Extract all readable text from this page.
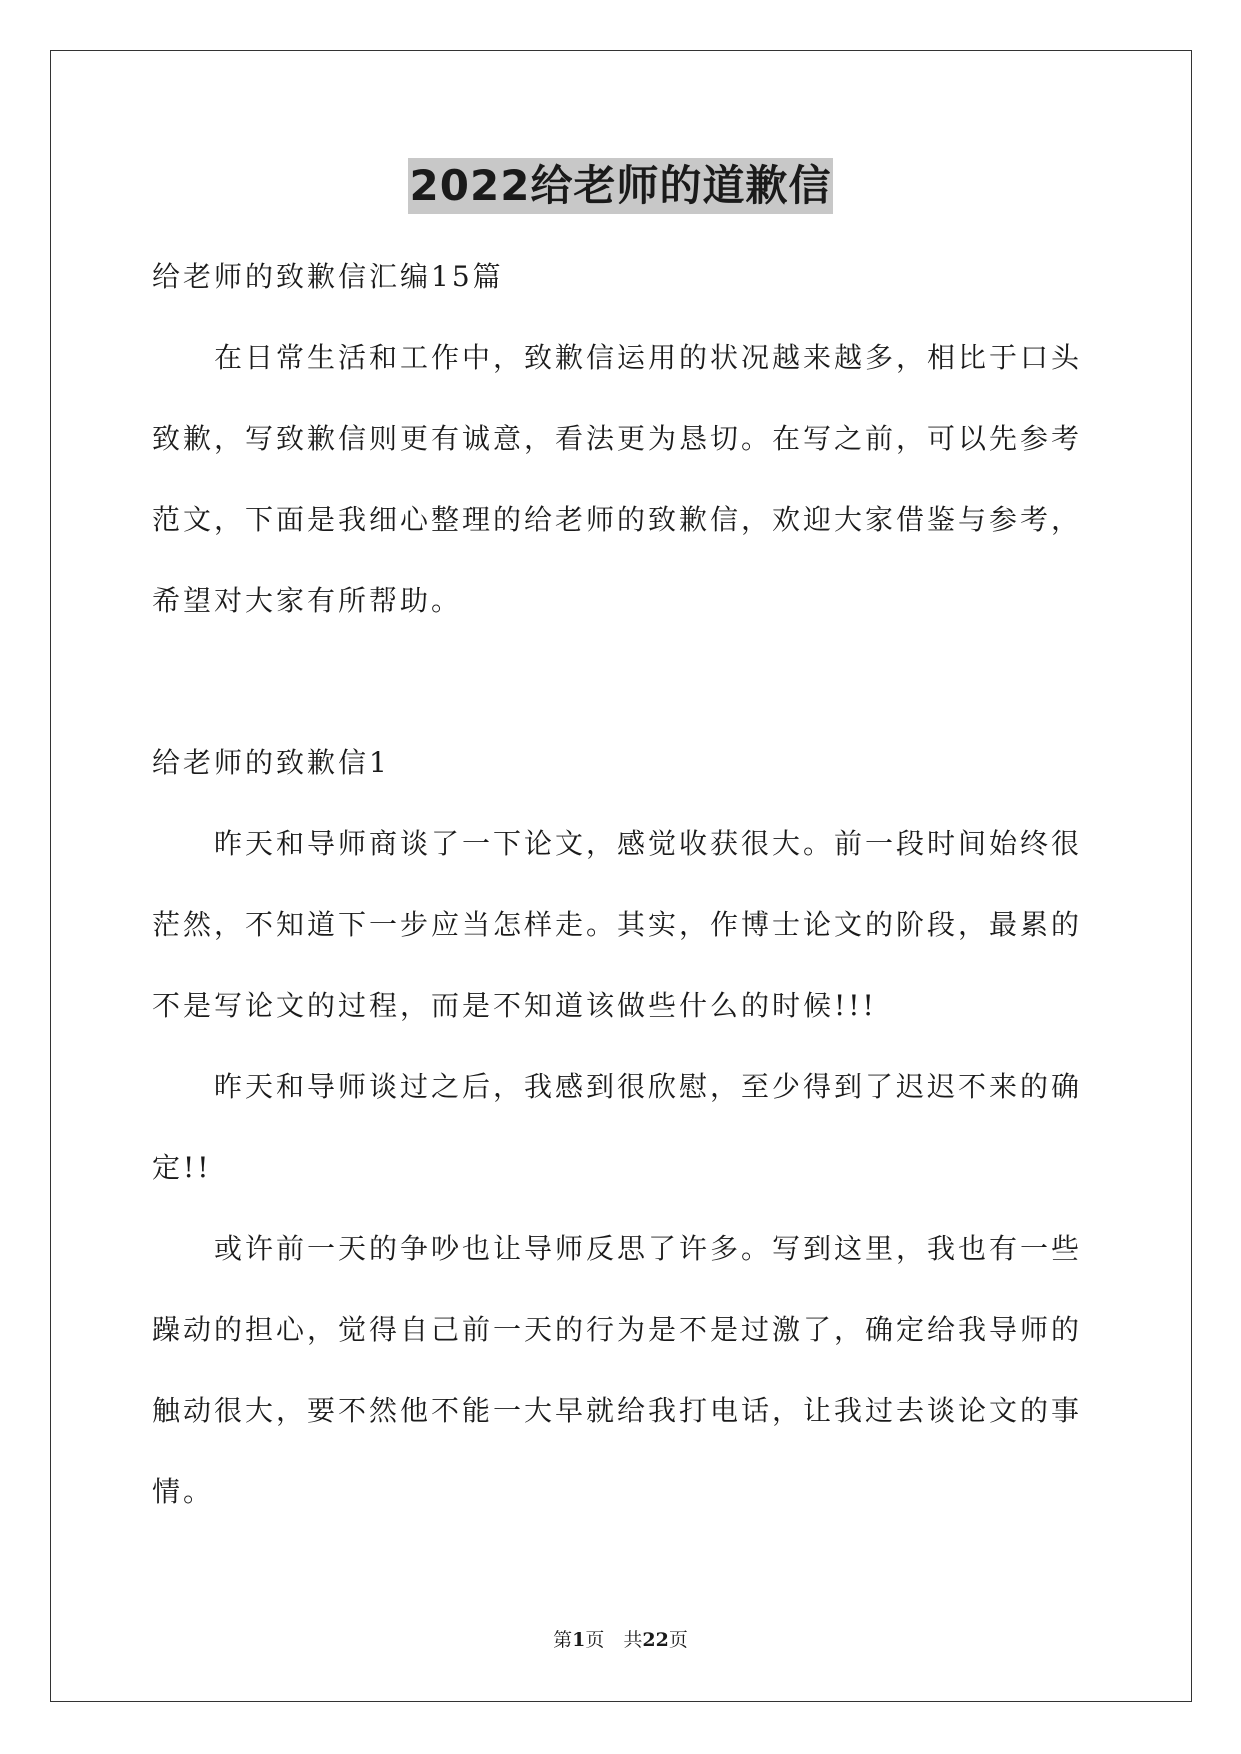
2022给老师的道歉信
给老师的致歉信汇编15篇
在日常生活和工作中，致歉信运用的状况越来越多，相比于口头
致歉，写致歉信则更有诚意，看法更为恳切。在写之前，可以先参考
范文，下面是我细心整理的给老师的致歉信，欢迎大家借鉴与参考，
希望对大家有所帮助。
给老师的致歉信1
昨天和导师商谈了一下论文，感觉收获很大。前一段时间始终很
茫然，不知道下一步应当怎样走。其实，作博士论文的阶段，最累的
不是写论文的过程，而是不知道该做些什么的时候!!!
昨天和导师谈过之后，我感到很欣慰，至少得到了迟迟不来的确
定!!
或许前一天的争吵也让导师反思了许多。写到这里，我也有一些
躁动的担心，觉得自己前一天的行为是不是过激了，确定给我导师的
触动很大，要不然他不能一大早就给我打电话，让我过去谈论文的事
情。
第1页　共22页
